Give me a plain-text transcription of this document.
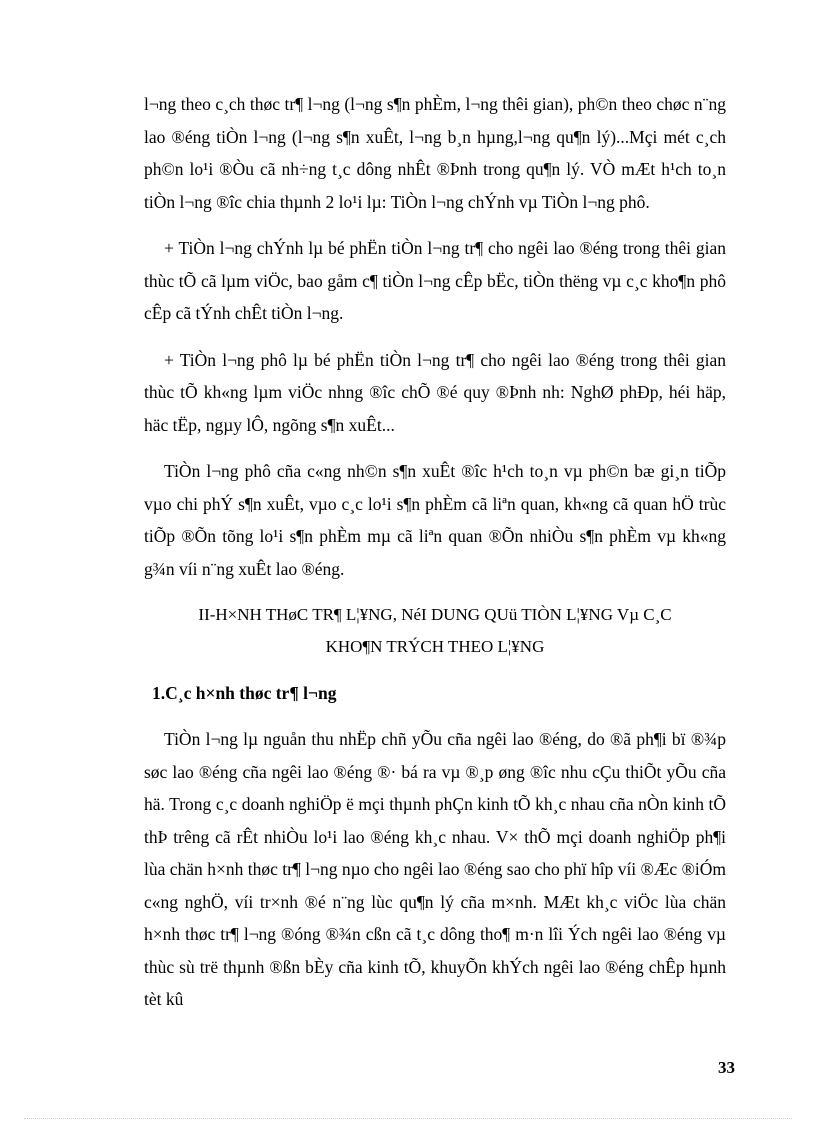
l¬ng theo c¸ch thøc tr¶ l¬ng (l¬ng s¶n phÈm, l¬ng thêi gian), ph©n theo chøc n¨ng lao ®éng tiÒn l¬ng (l¬ng s¶n xuÊt, l¬ng b¸n hµng,l¬ng qu¶n lý)...Mçi mét c¸ch ph©n lo¹i ®Òu cã nh÷ng t¸c dông nhÊt ®Þnh trong qu¶n lý. VÒ mÆt h¹ch to¸n tiÒn l¬ng ®îc chia thµnh 2 lo¹i lµ: TiÒn l¬ng chÝnh vµ TiÒn l¬ng phô.

+ TiÒn l¬ng chÝnh lµ bé phËn tiÒn l¬ng tr¶ cho ngêi lao ®éng trong thêi gian thùc tÕ cã lµm viÖc, bao gåm c¶ tiÒn l¬ng cÊp bËc, tiÒn thëng vµ c¸c kho¶n phô cÊp cã tÝnh chÊt tiÒn l¬ng.

+ TiÒn l¬ng phô lµ bé phËn tiÒn l¬ng tr¶ cho ngêi lao ®éng trong thêi gian thùc tÕ kh«ng lµm viÖc nhng ®îc chÕ ®é quy ®Þnh nh: NghØ phÐp, héi häp, häc tËp, ngµy lÔ, ngõng s¶n xuÊt...

TiÒn l¬ng phô cña c«ng nh©n s¶n xuÊt ®îc h¹ch to¸n vµ ph©n bæ gi¸n tiÕp vµo chi phÝ s¶n xuÊt, vµo c¸c lo¹i s¶n phÈm cã liªn quan, kh«ng cã quan hÖ trùc tiÕp ®Õn tõng lo¹i s¶n phÈm mµ cã liªn quan ®Õn nhiÒu s¶n phÈm vµ kh«ng g¾n víi n¨ng xuÊt lao ®éng.

II-H×NH THøC TR¶ L¦¥NG, NéI DUNG QUü TIÒN L¦¥NG Vµ C¸C
KHO¶N TRÝCH THEO L¦¥NG
1.C¸c h×nh thøc tr¶ l¬ng

TiÒn l¬ng lµ nguån thu nhËp chñ yÕu cña ngêi lao ®éng, do ®ã ph¶i bï ®¾p søc lao ®éng cña ngêi lao ®éng ®· bá ra vµ ®¸p øng ®îc nhu cÇu thiÕt yÕu cña hä. Trong c¸c doanh nghiÖp ë mçi thµnh phÇn kinh tÕ kh¸c nhau cña nÒn kinh tÕ thÞ trêng cã rÊt nhiÒu lo¹i lao ®éng kh¸c nhau. V× thÕ mçi doanh nghiÖp ph¶i lùa chän h×nh thøc tr¶ l¬ng nµo cho ngêi lao ®éng sao cho phï hîp víi ®Æc ®iÓm c«ng nghÖ, víi tr×nh ®é n¨ng lùc qu¶n lý cña m×nh. MÆt kh¸c viÖc lùa chän h×nh thøc tr¶ l¬ng ®óng ®¾n cßn cã t¸c dông tho¶ m·n lîi Ých ngêi lao ®éng vµ thùc sù trë thµnh ®ßn bÈy cña kinh tÕ, khuyÕn khÝch ngêi lao ®éng chÊp hµnh tèt kû

33
